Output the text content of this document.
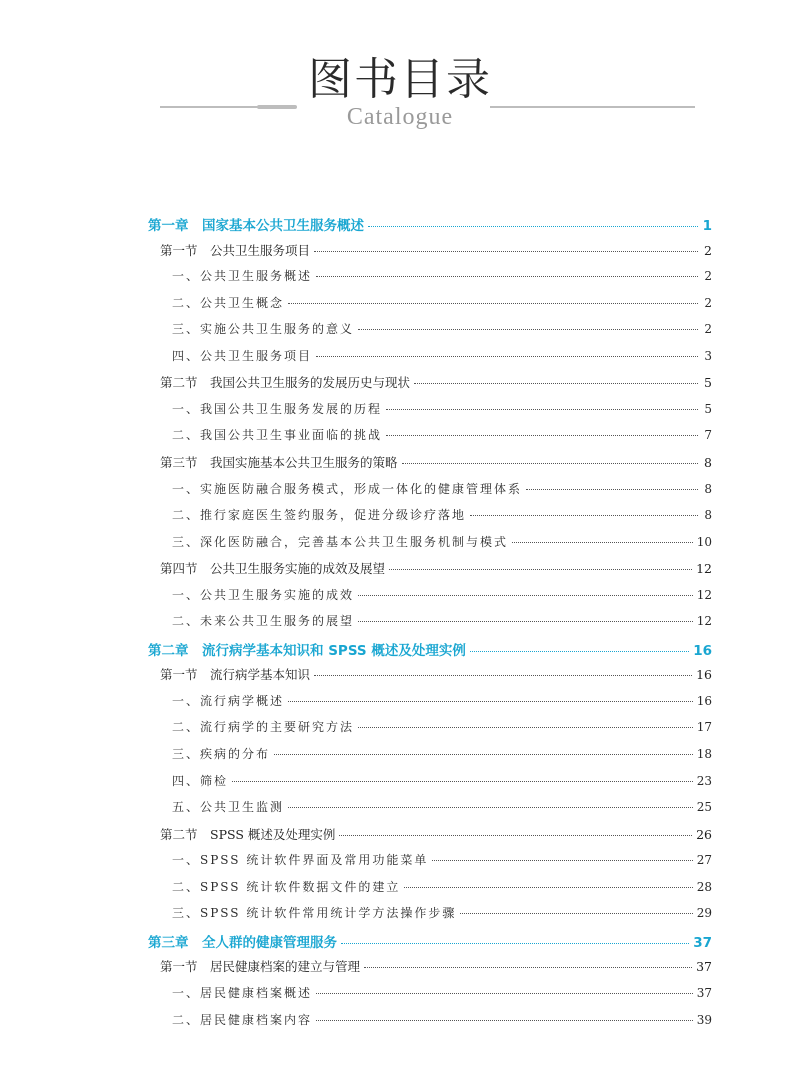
图书目录
Catalogue
第一章　国家基本公共卫生服务概述	1
第一节　公共卫生服务项目	2
一、公共卫生服务概述	2
二、公共卫生概念	2
三、实施公共卫生服务的意义	2
四、公共卫生服务项目	3
第二节　我国公共卫生服务的发展历史与现状	5
一、我国公共卫生服务发展的历程	5
二、我国公共卫生事业面临的挑战	7
第三节　我国实施基本公共卫生服务的策略	8
一、实施医防融合服务模式，形成一体化的健康管理体系	8
二、推行家庭医生签约服务，促进分级诊疗落地	8
三、深化医防融合，完善基本公共卫生服务机制与模式	10
第四节　公共卫生服务实施的成效及展望	12
一、公共卫生服务实施的成效	12
二、未来公共卫生服务的展望	12
第二章　流行病学基本知识和 SPSS 概述及处理实例	16
第一节　流行病学基本知识	16
一、流行病学概述	16
二、流行病学的主要研究方法	17
三、疾病的分布	18
四、筛检	23
五、公共卫生监测	25
第二节　SPSS 概述及处理实例	26
一、SPSS 统计软件界面及常用功能菜单	27
二、SPSS 统计软件数据文件的建立	28
三、SPSS 统计软件常用统计学方法操作步骤	29
第三章　全人群的健康管理服务	37
第一节　居民健康档案的建立与管理	37
一、居民健康档案概述	37
二、居民健康档案内容	39
